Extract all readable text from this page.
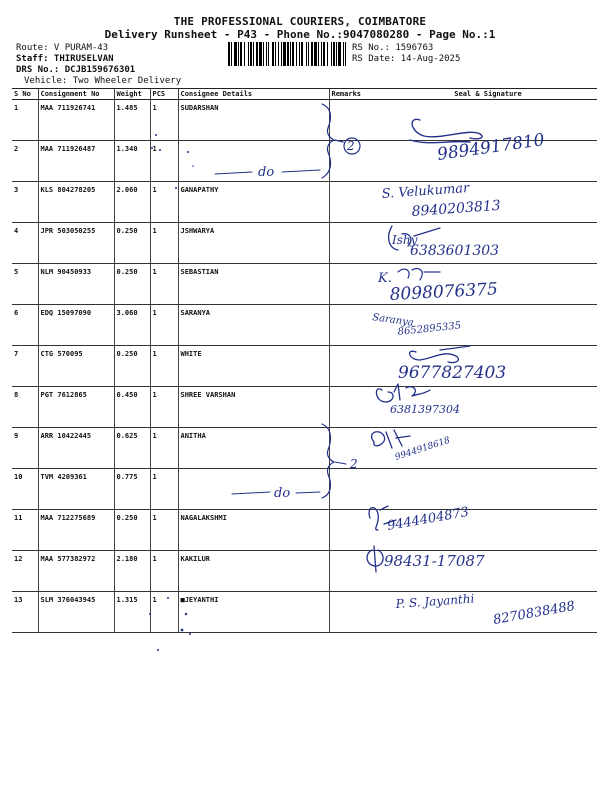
THE PROFESSIONAL COURIERS, COIMBATORE
Delivery Runsheet - P43 - Phone No.:9047080280 - Page No.:1
Route: V PURAM-43
Staff: THIRUSELVAN
DRS No.: DCJB159676301
Vehicle: Two Wheeler Delivery
RS No.: 1596763
RS Date: 14-Aug-2025
S No	Consignment No	Weight	PCS	Consignee Details	Remarks	Seal & Signature
1	MAA 711926741	1.485	1	SUDARSHAN		
2	MAA 711926487	1.340	1			
3	KLS 804278205	2.060	1	GANAPATHY		
4	JPR 503050255	0.250	1	JSHWARYA		
5	NLM 90450933	0.250	1	SEBASTIAN		
6	EDQ 15097090	3.060	1	SARANYA		
7	CTG 570095	0.250	1	WHITE		
8	PGT 7612865	0.450	1	SHREE VARSHAN		
9	ARR 10422445	0.625	1	ANITHA		
10	TVM 4209361	0.775	1			
11	MAA 712275689	0.250	1	NAGALAKSHMI		
12	MAA 577382972	2.180	1	KAKILUR		
13	SLM 376043945	1.315	1	■JEYANTHI		
2
do
2
do
9894917810
S. Velukumar
8940203813
Ishy
6383601303
K.
8098076375
Saranya
8652895335
9677827403
6381397304
9944918618
9444404873
98431-17087
P. S. Jayanthi 8270838488
